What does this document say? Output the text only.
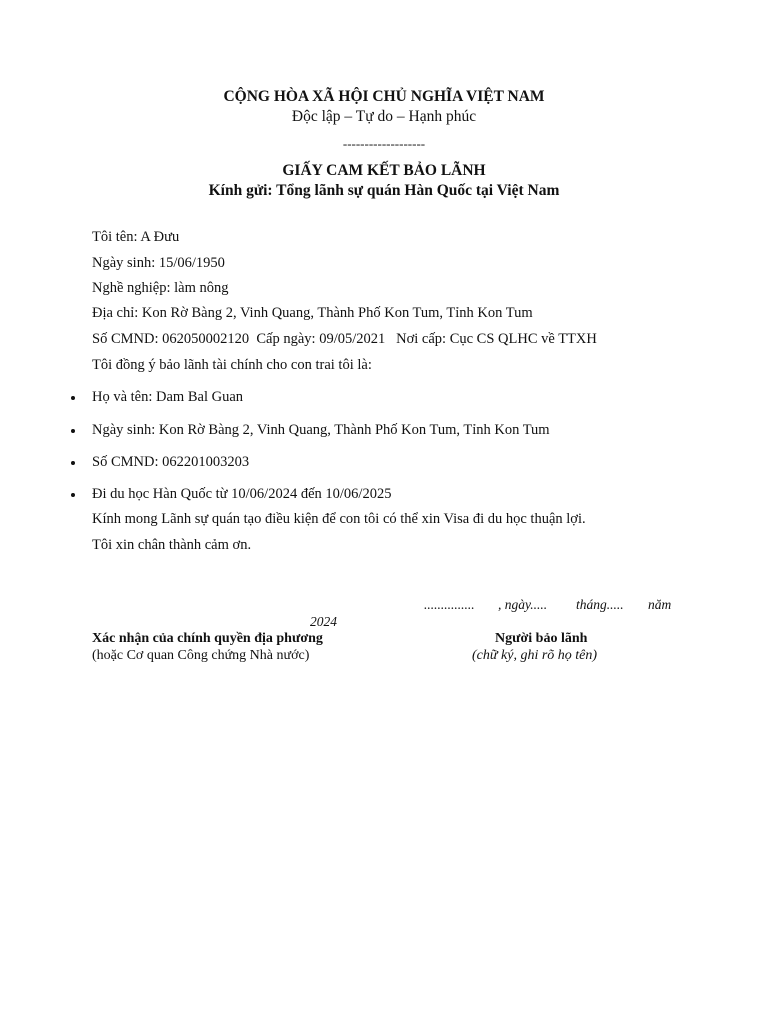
CỘNG HÒA XÃ HỘI CHỦ NGHĨA VIỆT NAM
Độc lập – Tự do – Hạnh phúc
-------------------
GIẤY CAM KẾT BẢO LÃNH
Kính gửi: Tổng lãnh sự quán Hàn Quốc tại Việt Nam
Tôi tên: A Đưu
Ngày sinh: 15/06/1950
Nghề nghiệp: làm nông
Địa chỉ: Kon Rờ Bàng 2, Vinh Quang, Thành Phố Kon Tum, Tỉnh Kon Tum
Số CMND: 062050002120 Cấp ngày: 09/05/2021 Nơi cấp: Cục CS QLHC về TTXH
Tôi đồng ý bảo lãnh tài chính cho con trai tôi là:
Họ và tên: Dam Bal Guan
Ngày sinh: Kon Rờ Bàng 2, Vinh Quang, Thành Phố Kon Tum, Tỉnh Kon Tum
Số CMND: 062201003203
Đi du học Hàn Quốc từ 10/06/2024 đến 10/06/2025
Kính mong Lãnh sự quán tạo điều kiện để con tôi có thể xin Visa đi du học thuận lợi.
Tôi xin chân thành cảm ơn.
............... , ngày..... tháng..... năm
2024
Xác nhận của chính quyền địa phương
(hoặc Cơ quan Công chứng Nhà nước)
Người bảo lãnh
(chữ ký, ghi rõ họ tên)
